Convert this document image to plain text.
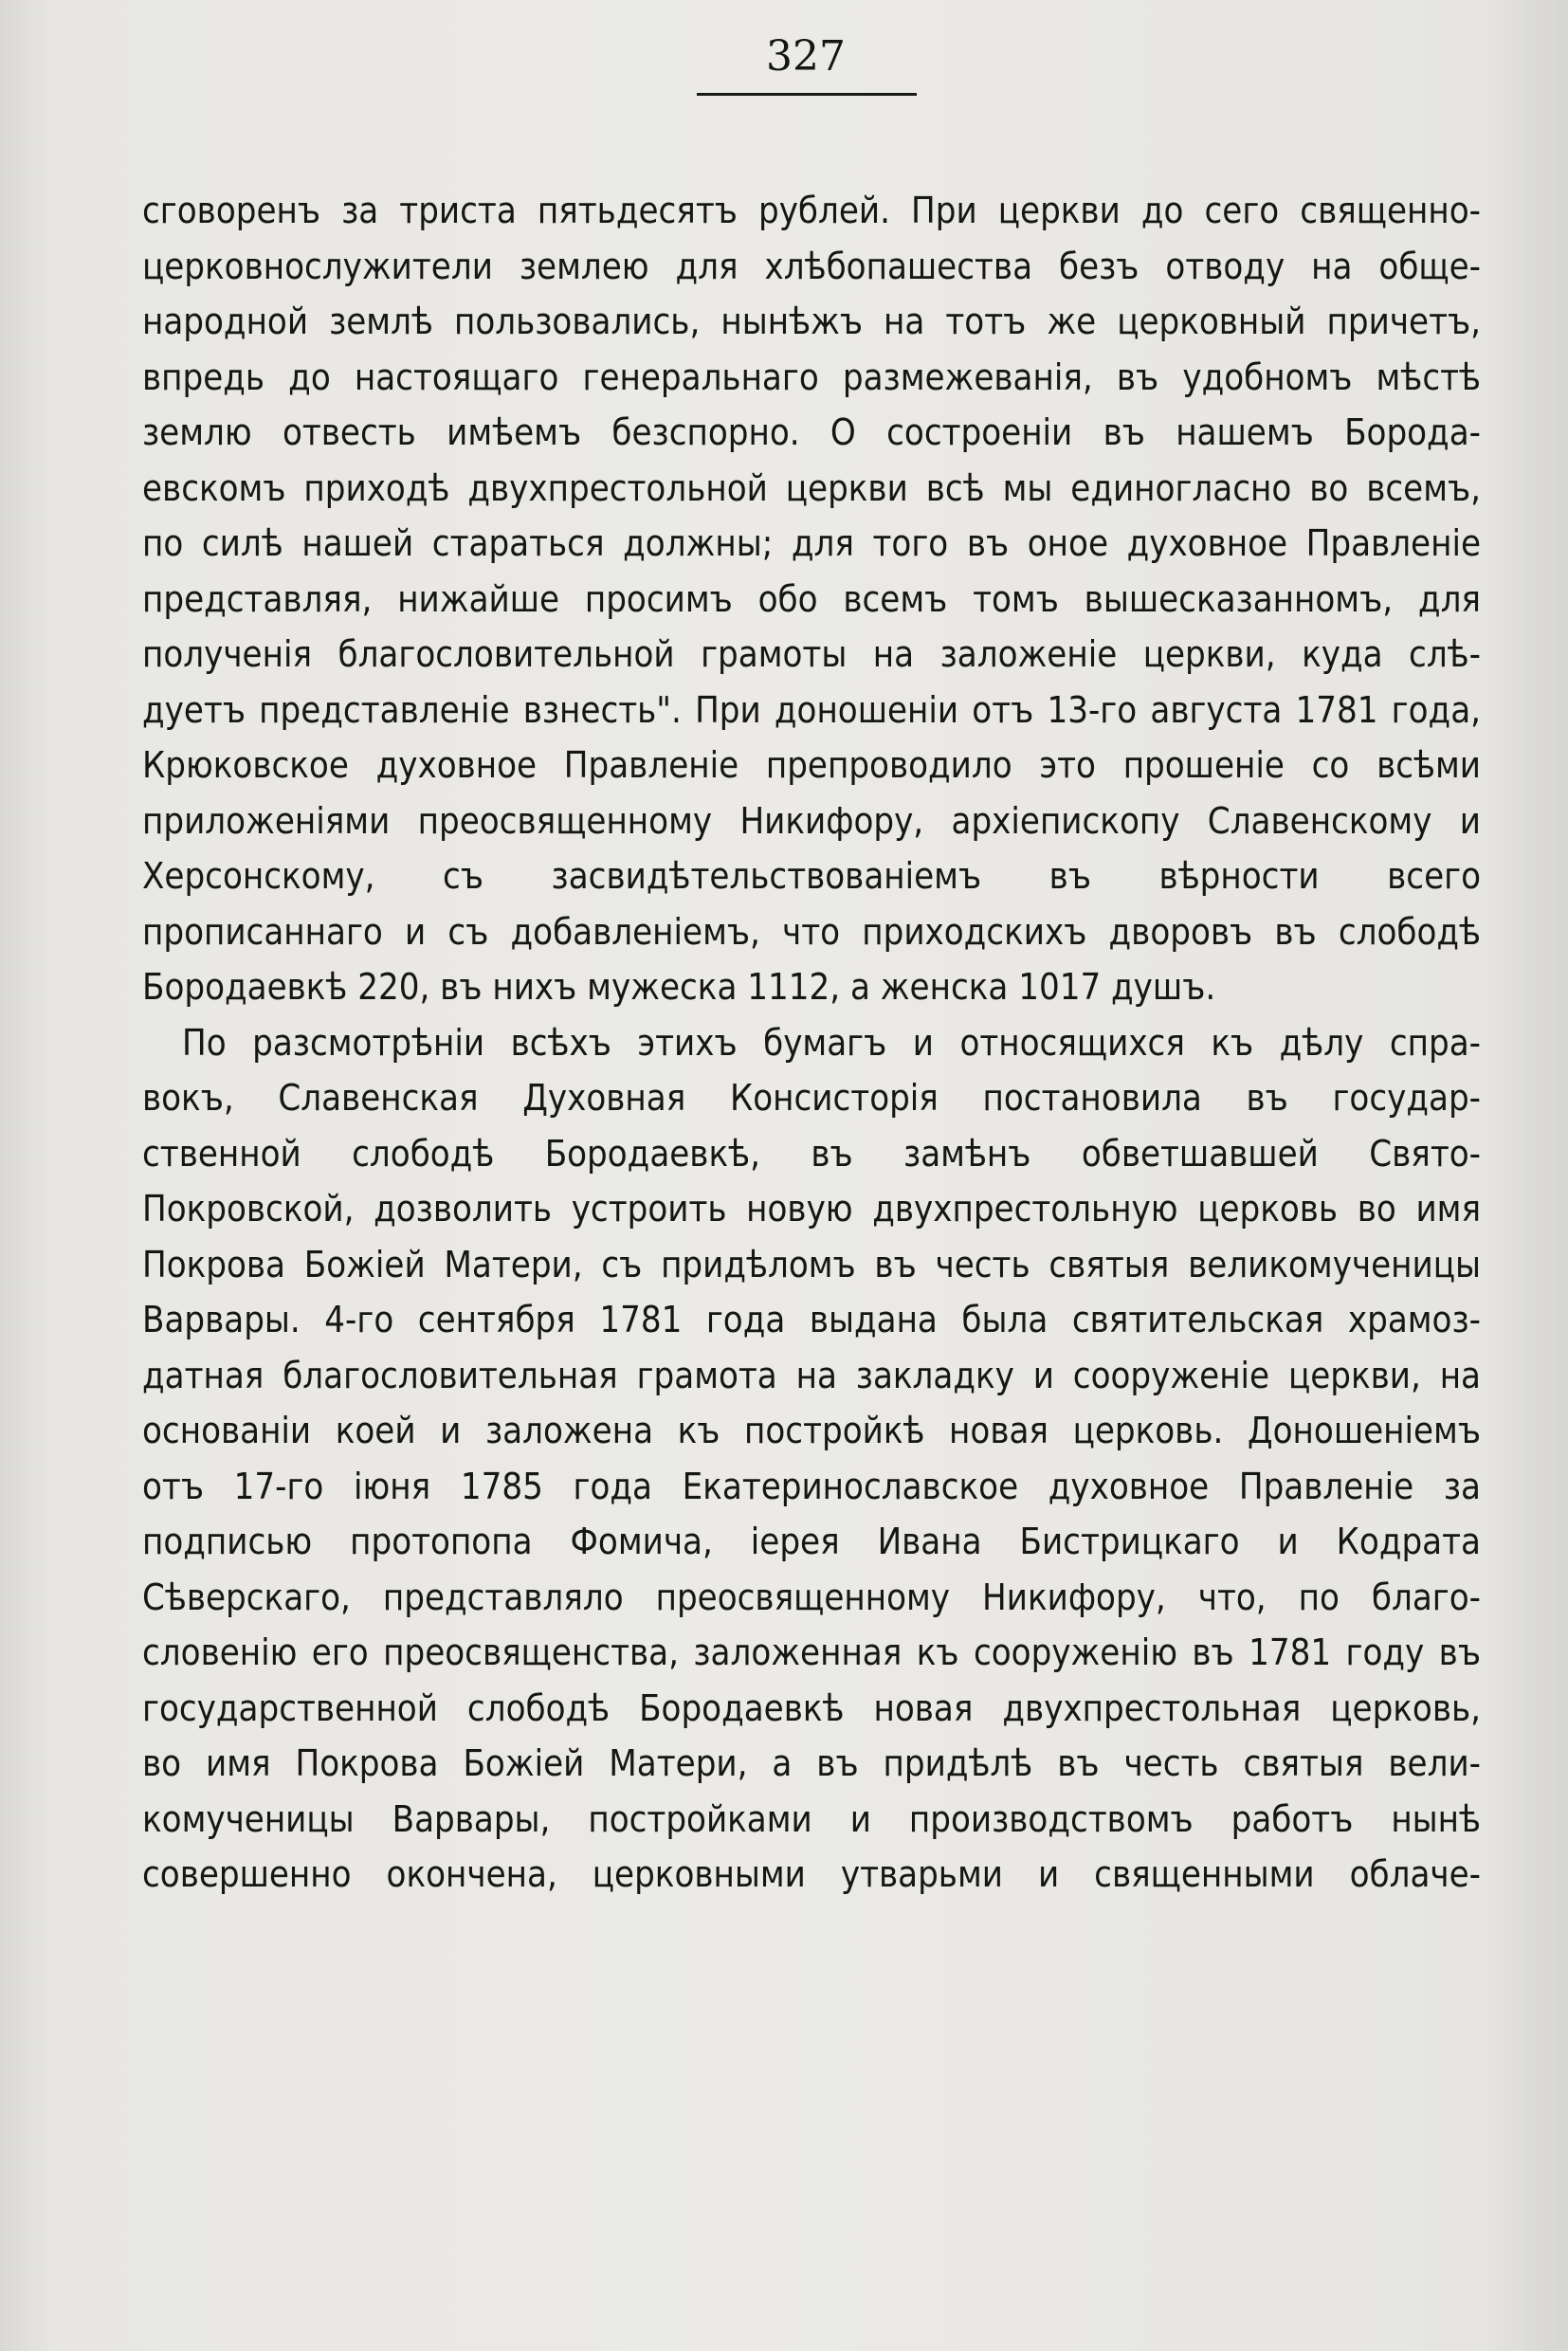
327
сговоренъ за триста пятьдесятъ рублей. При церкви до сего священно-
церковнослужители землею для хлѣбопашества безъ отводу на обще-
народной землѣ пользовались, нынѣжъ на тотъ же церковный причетъ,
впредь до настоящаго генеральнаго размежеванія, въ удобномъ мѣстѣ
землю отвесть имѣемъ безспорно. О состроеніи въ нашемъ Борода-
евскомъ приходѣ двухпрестольной церкви всѣ мы единогласно во всемъ,
по силѣ нашей стараться должны; для того въ оное духовное Правленіе
представляя, нижайше просимъ обо всемъ томъ вышесказанномъ, для
полученія благословительной грамоты на заложеніе церкви, куда слѣ-
дуетъ представленіе взнесть". При доношеніи отъ 13-го августа 1781 года,
Крюковское духовное Правленіе препроводило это прошеніе со всѣми
приложеніями преосвященному Никифору, архіепископу Славенскому и
Херсонскому, съ засвидѣтельствованіемъ въ вѣрности всего
прописаннаго и съ добавленіемъ, что приходскихъ дворовъ въ слободѣ
Бородаевкѣ 220, въ нихъ мужеска 1112, а женска 1017 душъ.
По разсмотрѣніи всѣхъ этихъ бумагъ и относящихся къ дѣлу спра-
вокъ, Славенская Духовная Консисторія постановила въ государ-
ственной слободѣ Бородаевкѣ, въ замѣнъ обветшавшей Свято-
Покровской, дозволить устроить новую двухпрестольную церковь во имя
Покрова Божіей Матери, съ придѣломъ въ честь святыя великомученицы
Варвары. 4-го сентября 1781 года выдана была святительская храмоз-
датная благословительная грамота на закладку и сооруженіе церкви, на
основаніи коей и заложена къ постройкѣ новая церковь. Доношеніемъ
отъ 17-го іюня 1785 года Екатеринославское духовное Правленіе за
подписью протопопа Фомича, іерея Ивана Бистрицкаго и Кодрата
Сѣверскаго, представляло преосвященному Никифору, что, по благо-
словенію его преосвященства, заложенная къ сооруженію въ 1781 году въ
государственной слободѣ Бородаевкѣ новая двухпрестольная церковь,
во имя Покрова Божіей Матери, а въ придѣлѣ въ честь святыя вели-
комученицы Варвары, постройками и производствомъ работъ нынѣ
совершенно окончена, церковными утварьми и священными облаче-
